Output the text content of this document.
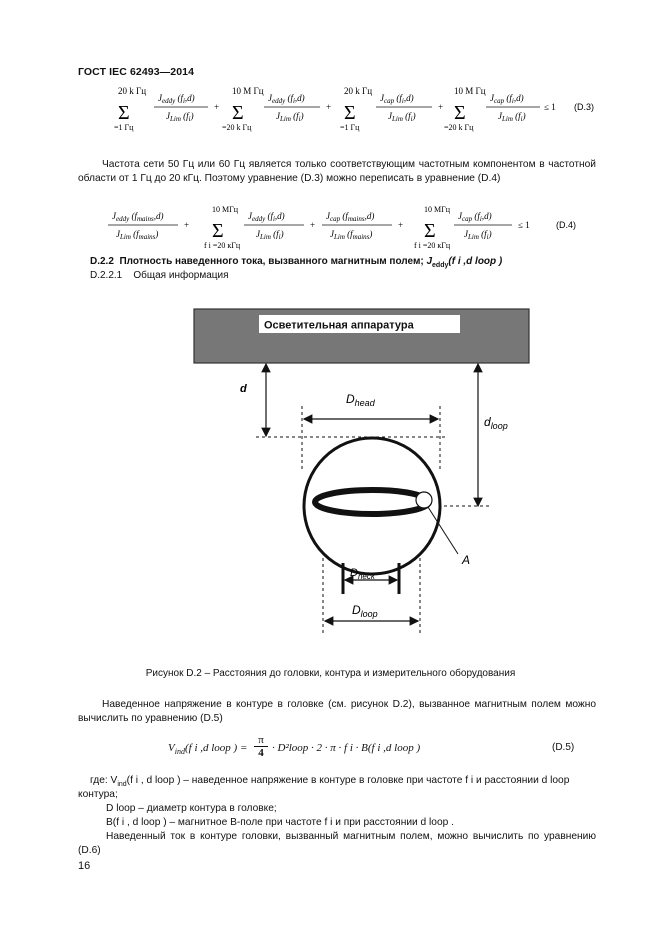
ГОСТ IEC 62493—2014
20 k Гц
Σ
=1 Гц
$J_{eddy}$ $(f_i,d)$
$J_{Lim}$ $(f_i)$
+
10 M Гц
Σ
=20 k Гц
$J_{eddy}$ $(f_i,d)$
$J_{Lim}$ $(f_i)$
+
20 k Гц
Σ
=1 Гц
$J_{cap}$ $(f_i,d)$
$J_{Lim}$ $(f_i)$
+
10 M Гц
Σ
=20 k Гц
$J_{cap}$ $(f_i,d)$
$J_{Lim}$ $(f_i)$
≤ 1 (D.3)
Частота сети 50 Гц или 60 Гц является только соответствующим частотным компонентом в частотной области от 1 Гц до 20 кГц. Поэтому уравнение (D.3) можно переписать в уравнение (D.4)
$J_{eddy}$ $(f_{mains},d)$
$J_{Lim}$ $(f_{mains})$
+
10 МГц
Σ
f i =20 кГц
$J_{eddy}$ $(f_i,d)$
$J_{Lim}$ $(f_i)$
+
$J_{cap}$ $(f_{mains},d)$
$J_{Lim}$ $(f_{mains})$
+
10 МГц
Σ
f i =20 кГц
$J_{cap}$ $(f_i,d)$
$J_{Lim}$ $(f_i)$
≤ 1	(D.4)
D.2.2 Плотность наведенного тока, вызванного магнитным полем; $J_{eddy}(f$ i ,d loop )
D.2.2.1 Общая информация
Осветительная аппаратура
d
$D_{head}$
$d_{loop}$
A
$D_{neck}$
$D_{loop}$
Рисунок D.2 – Расстояния до головки, контура и измерительного оборудования
Наведенное напряжение в контуре в головке (см. рисунок D.2), вызванное магнитным полем можно вычислить по уравнению (D.5)
$V_{ind}(f$ i ,d loop ) =
π
4 · D²loop · 2 · π · f i · B(f i ,d loop )	(D.5)
где: $V_{ind}(f$ i , d loop ) – наведенное напряжение в контуре в головке при частоте f i и расстоянии d loop
контура;
D loop – диаметр контура в головке;
B(f i , d loop ) – магнитное B-поле при частоте f i и при расстоянии d loop .
Наведенный ток в контуре головки, вызванный магнитным полем, можно вычислить по уравнению (D.6)
16
